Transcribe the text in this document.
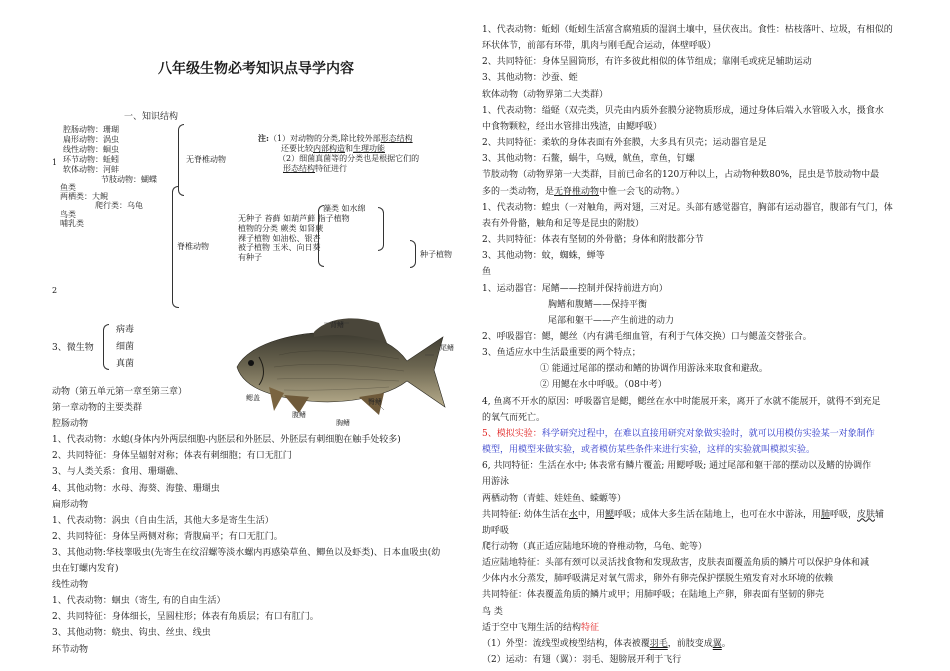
八年级生物必考知识点导学内容
一、知识结构
腔肠动物：珊瑚
扁形动物：涡虫
线性动物：蛔虫
环节动物：蚯蚓
软体动物：河蚌
节肢动物：蝴蝶
无脊椎动物
1
鱼类
两栖类：大鲵
爬行类：乌龟
鸟类
哺乳类
脊椎动物
2
注:（1）对动物的分类,除比较外部形态结构
还要比较内部构造和生理功能
（2）细菌真菌等的分类也是根据它们的
形态结构特征进行
藻类 如水绵
无种子 苔藓 如葫芦藓 指子植物
植物的分类 蕨类 如肾蕨
裸子植物 如油松、银杏
被子植物 玉米、向日葵
有种子	种子植物
3、微生物
病毒
细菌
真菌
背鳍
尾鳍
臀鳍
腹鳍
胸鳍
鳃盖

动物（第五单元第一章至第三章）

第一章动物的主要类群

腔肠动物

1、代表动物：水螅(身体内外两层细胞-内胚层和外胚层、外胚层有刺细胞在触手处较多)

2、共同特征：身体呈辐射对称；体表有刺细胞；有口无肛门

3、与人类关系：食用、珊瑚礁、

4、其他动物：水母、海葵、海蛰、珊瑚虫

扁形动物

1、代表动物：涡虫（自由生活，其他大多是寄生生活）

2、共同特征：身体呈两侧对称；背腹扁平；有口无肛门。

3、其他动物:华枝睾吸虫(先寄生在纹沼螺等淡水螺内再感染草鱼、鲫鱼以及虾类)、日本血吸虫(幼

虫在钉螺内发育)

线性动物

1、代表动物：蛔虫（寄生, 有的自由生活）

2、共同特征：身体细长，呈圆柱形；体表有角质层；有口有肛门。

3、其他动物：蛲虫、钩虫、丝虫、线虫

环节动物

1、代表动物：蚯蚓（蚯蚓生活富含腐殖质的湿润土壤中，昼伏夜出。食性：枯枝落叶、垃圾，有相似的

环状体节，前部有环带，肌肉与刚毛配合运动，体壁呼吸）

2、共同特征：身体呈圆筒形，有许多彼此相似的体节组成；靠刚毛或疣足辅助运动

3、其他动物：沙蚕、蛭

软体动物（动物界第二大类群）

1、代表动物：缢蛏（双壳类，贝壳由内质外套膜分泌物质形成，通过身体后端入水管吸入水，摄食水

中食物颗粒，经出水管排出残渣，由鳃呼吸）

2、共同特征：柔软的身体表面有外套膜，大多具有贝壳；运动器官是足

3、其他动物：石鳖，蜗牛，乌贼，鱿鱼，章鱼，钉螺

节肢动物（动物界第一大类群，目前已命名的120万种以上，占动物种数80%，昆虫是节肢动物中最

多的一类动物，是无脊椎动物中惟一会飞的动物。）

1、代表动物：蝗虫（一对触角，两对翅，三对足。头部有感觉器官，胸部有运动器官，腹部有气门，体

表有外骨骼，触角和足等是昆虫的附肢）

2、共同特征：体表有坚韧的外骨骼；身体和附肢都分节

3、其他动物：蚊，蜘蛛，蝉等

鱼

1、运动器官：尾鳍——控制并保持前进方向）

胸鳍和腹鳍——保持平衡

尾部和躯干——产生前进的动力

2、呼吸器官：鳃，鳃丝（内有满毛细血管，有利于气体交换）口与鳃盖交替张合。

3、鱼适应水中生活最重要的两个特点；

① 能通过尾部的摆动和鳍的协调作用游泳来取食和避敌。

② 用鳃在水中呼吸。（08中考）

4, 鱼离不开水的原因：呼吸器官是鳃，鳃丝在水中时能展开来，离开了水就不能展开，就得不到充足

的氧气而死亡。

5、模拟实验：科学研究过程中，在难以直接用研究对象做实验时，就可以用模仿实验某一对象制作

模型，用模型来做实验，或者模仿某些条件来进行实验，这样的实验就叫模拟实验。

6, 共同特征：生活在水中; 体表常有鳞片覆盖; 用鳃呼吸; 通过尾部和躯干部的摆动以及鳍的协调作

用游泳

两栖动物（青蛙、娃娃鱼、蝾螈等）

共同特征: 幼体生活在水中，用鳃呼吸；成体大多生活在陆地上，也可在水中游泳，用肺呼吸，皮肤辅

助呼吸

爬行动物（真正适应陆地环境的脊椎动物，乌龟、蛇等）

适应陆地特征：头部有颈可以灵活找食物和发现敌害，皮肤表面覆盖角质的鳞片可以保护身体和减

少体内水分蒸发，肺呼吸满足对氧气需求，卵外有卵壳保护摆脱生殖发育对水环境的依赖

共同特征：体表覆盖角质的鳞片或甲；用肺呼吸；在陆地上产卵，卵表面有坚韧的卵壳

鸟 类

适于空中飞翔生活的结构特征

（1）外型：流线型或梭型结构，体表被覆羽毛，前肢变成翼。

（2）运动：有翅（翼）：羽毛、翅膀展开利于飞行
